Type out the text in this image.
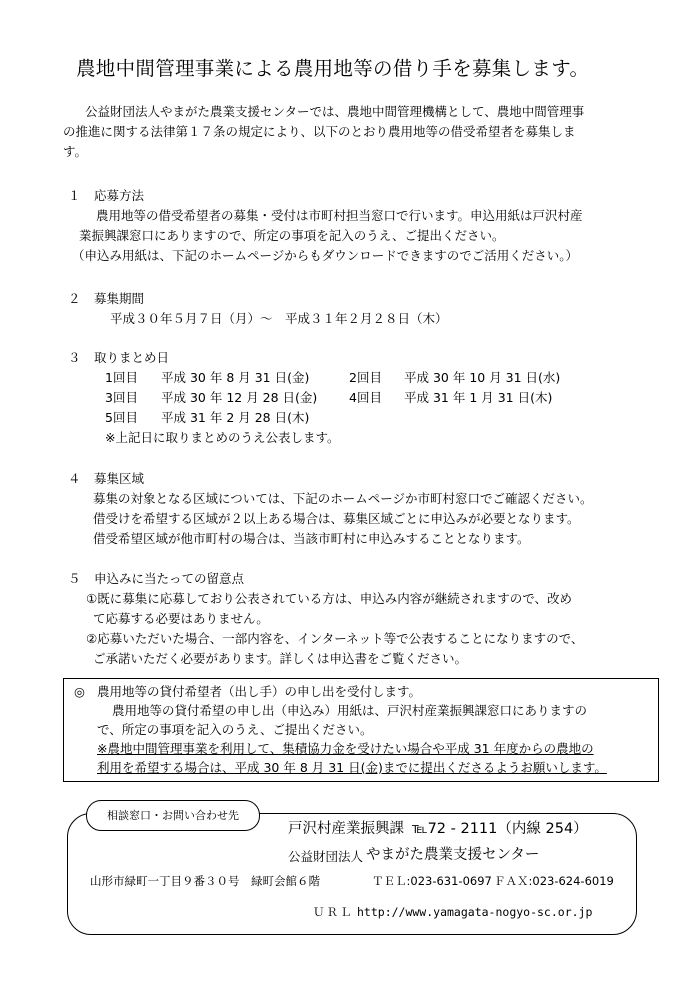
農地中間管理事業による農用地等の借り手を募集します。
公益財団法人やまがた農業支援センターでは、農地中間管理機構として、農地中間管理事
の推進に関する法律第１７条の規定により、以下のとおり農用地等の借受希望者を募集しま
す。
１ 応募方法
農用地等の借受希望者の募集・受付は市町村担当窓口で行います。申込用紙は戸沢村産
業振興課窓口にありますので、所定の事項を記入のうえ、ご提出ください。
（申込み用紙は、下記のホームページからもダウンロードできますのでご活用ください。）
２ 募集期間
平成３０年５月７日（月）～　平成３１年２月２８日（木）
３ 取りまとめ日
1回目 平成 30 年 8 月 31 日(金)	2回目 平成 30 年 10 月 31 日(水)
3回目 平成 30 年 12 月 28 日(金)	4回目 平成 31 年 1 月 31 日(木)
5回目 平成 31 年 2 月 28 日(木)
※上記日に取りまとめのうえ公表します。
４ 募集区域
募集の対象となる区域については、下記のホームページか市町村窓口でご確認ください。
借受けを希望する区域が２以上ある場合は、募集区域ごとに申込みが必要となります。
借受希望区域が他市町村の場合は、当該市町村に申込みすることとなります。
５ 申込みに当たっての留意点
①既に募集に応募しており公表されている方は、申込み内容が継続されますので、改め
て応募する必要はありません。
②応募いただいた場合、一部内容を、インターネット等で公表することになりますので、
ご承諾いただく必要があります。詳しくは申込書をご覧ください。
◎ 農用地等の貸付希望者（出し手）の申し出を受付します。
農用地等の貸付希望の申し出（申込み）用紙は、戸沢村産業振興課窓口にありますの
で、所定の事項を記入のうえ、ご提出ください。
※農地中間管理事業を利用して、集積協力金を受けたい場合や平成 31 年度からの農地の
利用を希望する場合は、平成 30 年 8 月 31 日(金)までに提出くださるようお願いします。
相談窓口・お問い合わせ先
戸沢村産業振興課 ℡72 - 2111（内線 254）
公益財団法人 やまがた農業支援センター
山形市緑町一丁目９番３０号　緑町会館６階	ＴＥＬ:023-631-0697 ＦＡＸ:023-624-6019
ＵＲＬ http://www.yamagata-nogyo-sc.or.jp
